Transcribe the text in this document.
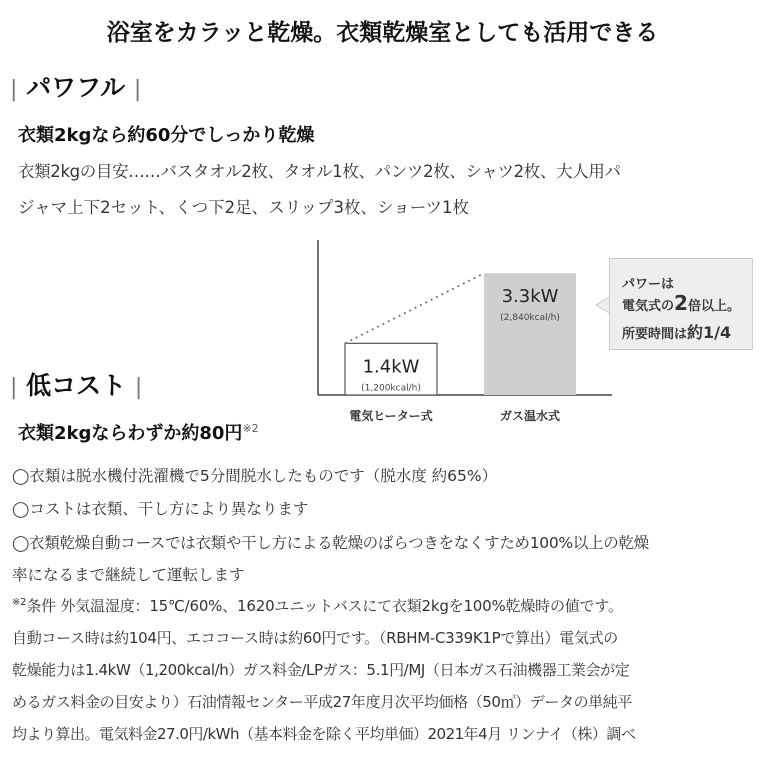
浴室をカラッと乾燥。衣類乾燥室としても活用できる
| パワフル |
衣類2kgなら約60分でしっかり乾燥
衣類2kgの目安……バスタオル2枚、タオル1枚、パンツ2枚、シャツ2枚、大人用パ
ジャマ上下2セット、くつ下2足、スリップ3枚、ショーツ1枚
1.4kW
(1,200kcal/h)
電気ヒーター式
3.3kW
(2,840kcal/h)
ガス温水式
パワーは
電気式の2倍以上。
所要時間は約1/4
| 低コスト |
衣類2kgならわずか約80円$^{※2}$
◯衣類は脱水機付洗濯機で5分間脱水したものです（脱水度 約65%）
◯コストは衣類、干し方により異なります
◯衣類乾燥自動コースでは衣類や干し方による乾燥のばらつきをなくすため100%以上の乾燥
率になるまで継続して運転します
$^{※2}$条件 外気温湿度：15℃/60%、1620ユニットバスにて衣類2kgを100%乾燥時の値です。
自動コース時は約104円、エココース時は約60円です。（RBHM-C339K1Pで算出）電気式の
乾燥能力は1.4kW（1,200kcal/h）ガス料金/LPガス：5.1円/MJ（日本ガス石油機器工業会が定
めるガス料金の目安より）石油情報センター平成27年度月次平均価格（50㎥）データの単純平
均より算出。電気料金27.0円/kWh（基本料金を除く平均単価）2021年4月 リンナイ（株）調べ
